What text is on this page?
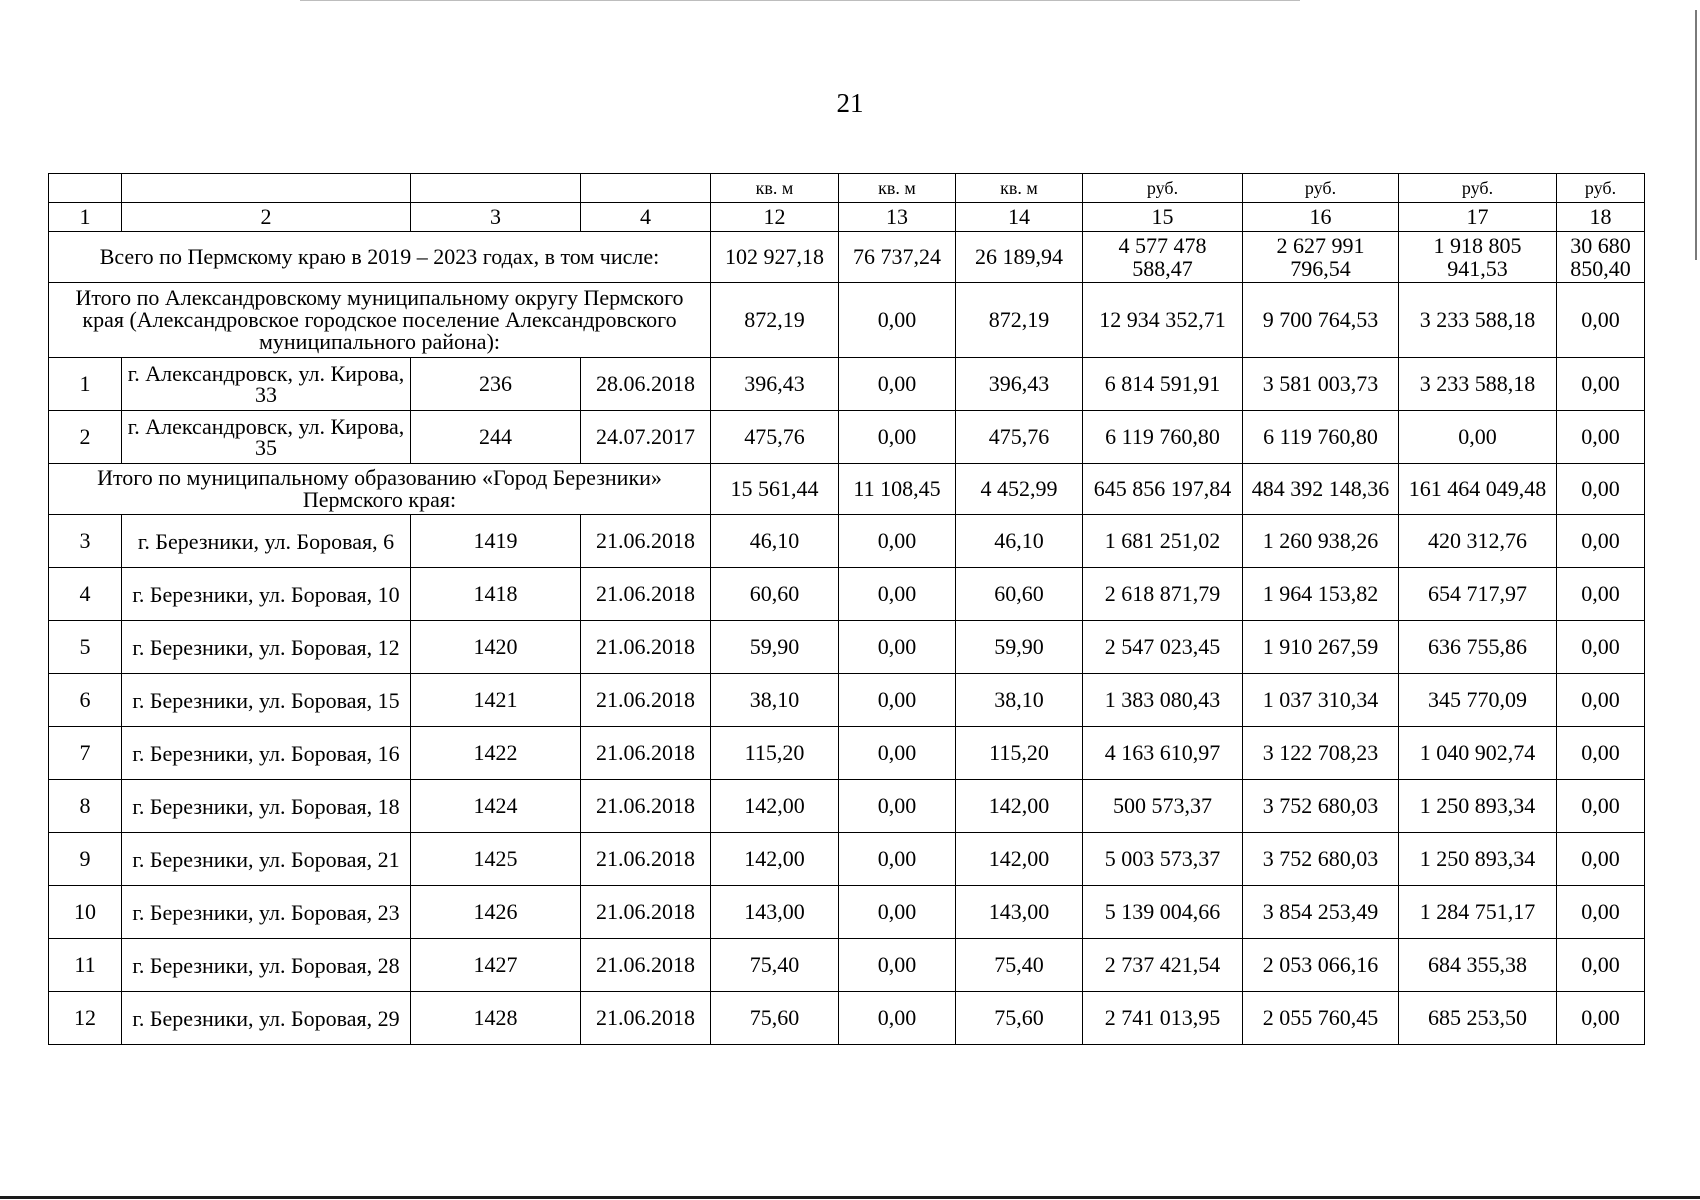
21
				кв. м	кв. м	кв. м	руб.	руб.	руб.	руб.
1	2	3	4	12	13	14	15	16	17	18
Всего по Пермскому краю в 2019 – 2023 годах, в том числе:				102 927,18	76 737,24	26 189,94	4 577 478 588,47	2 627 991 796,54	1 918 805 941,53	30 680 850,40
Итого по Александровскому муниципальному округу Пермского края (Александровское городское поселение Александровского муниципального района):				872,19	0,00	872,19	12 934 352,71	9 700 764,53	3 233 588,18	0,00
1	г. Александровск, ул. Кирова, 33	236	28.06.2018	396,43	0,00	396,43	6 814 591,91	3 581 003,73	3 233 588,18	0,00
2	г. Александровск, ул. Кирова, 35	244	24.07.2017	475,76	0,00	475,76	6 119 760,80	6 119 760,80	0,00	0,00
Итого по муниципальному образованию «Город Березники» Пермского края:				15 561,44	11 108,45	4 452,99	645 856 197,84	484 392 148,36	161 464 049,48	0,00
3	г. Березники, ул. Боровая, 6	1419	21.06.2018	46,10	0,00	46,10	1 681 251,02	1 260 938,26	420 312,76	0,00
4	г. Березники, ул. Боровая, 10	1418	21.06.2018	60,60	0,00	60,60	2 618 871,79	1 964 153,82	654 717,97	0,00
5	г. Березники, ул. Боровая, 12	1420	21.06.2018	59,90	0,00	59,90	2 547 023,45	1 910 267,59	636 755,86	0,00
6	г. Березники, ул. Боровая, 15	1421	21.06.2018	38,10	0,00	38,10	1 383 080,43	1 037 310,34	345 770,09	0,00
7	г. Березники, ул. Боровая, 16	1422	21.06.2018	115,20	0,00	115,20	4 163 610,97	3 122 708,23	1 040 902,74	0,00
8	г. Березники, ул. Боровая, 18	1424	21.06.2018	142,00	0,00	142,00	500 573,37	3 752 680,03	1 250 893,34	0,00
9	г. Березники, ул. Боровая, 21	1425	21.06.2018	142,00	0,00	142,00	5 003 573,37	3 752 680,03	1 250 893,34	0,00
10	г. Березники, ул. Боровая, 23	1426	21.06.2018	143,00	0,00	143,00	5 139 004,66	3 854 253,49	1 284 751,17	0,00
11	г. Березники, ул. Боровая, 28	1427	21.06.2018	75,40	0,00	75,40	2 737 421,54	2 053 066,16	684 355,38	0,00
12	г. Березники, ул. Боровая, 29	1428	21.06.2018	75,60	0,00	75,60	2 741 013,95	2 055 760,45	685 253,50	0,00
